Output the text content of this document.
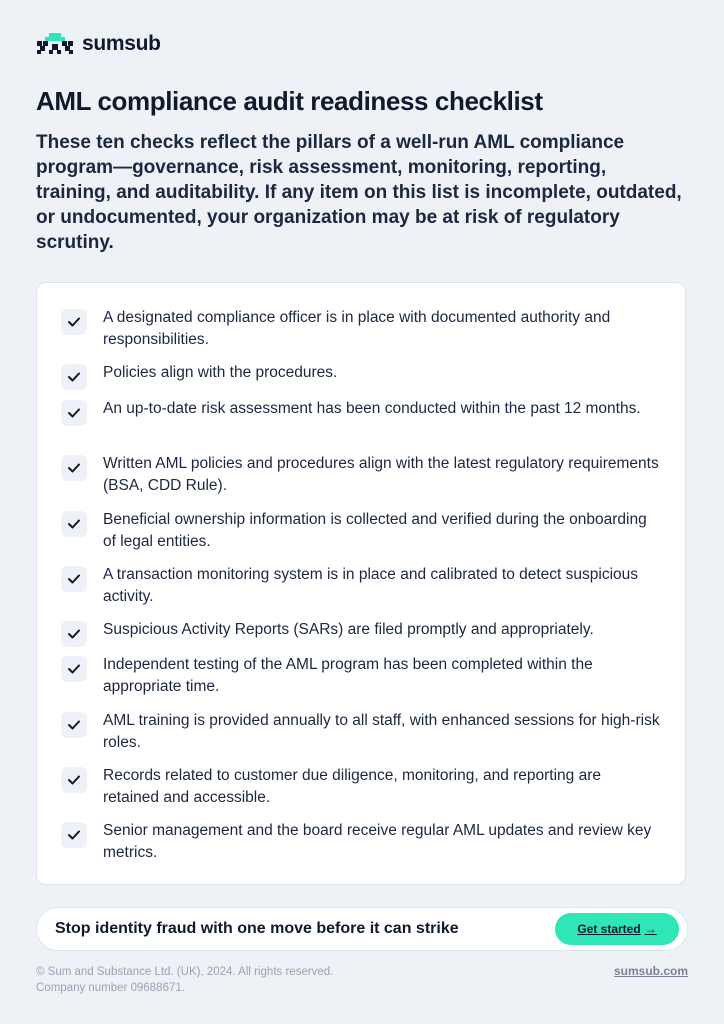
sumsub
AML compliance audit readiness checklist

These ten checks reflect the pillars of a well-run AML compliance program—governance, risk assessment, monitoring, reporting, training, and auditability. If any item on this list is incomplete, outdated, or undocumented, your organization may be at risk of regulatory scrutiny.

A designated compliance officer is in place with documented authority and responsibilities.
Policies align with the procedures.
An up-to-date risk assessment has been conducted within the past 12 months.
Written AML policies and procedures align with the latest regulatory requirements (BSA, CDD Rule).
Beneficial ownership information is collected and verified during the onboarding of legal entities.
A transaction monitoring system is in place and calibrated to detect suspicious activity.
Suspicious Activity Reports (SARs) are filed promptly and appropriately.
Independent testing of the AML program has been completed within the appropriate time.
AML training is provided annually to all staff, with enhanced sessions for high-risk roles.
Records related to customer due diligence, monitoring, and reporting are retained and accessible.
Senior management and the board receive regular AML updates and review key metrics.
Stop identity fraud with one move before it can strike	Get started →
© Sum and Substance Ltd. (UK), 2024. All rights reserved.
Company number 09688671.
sumsub.com
